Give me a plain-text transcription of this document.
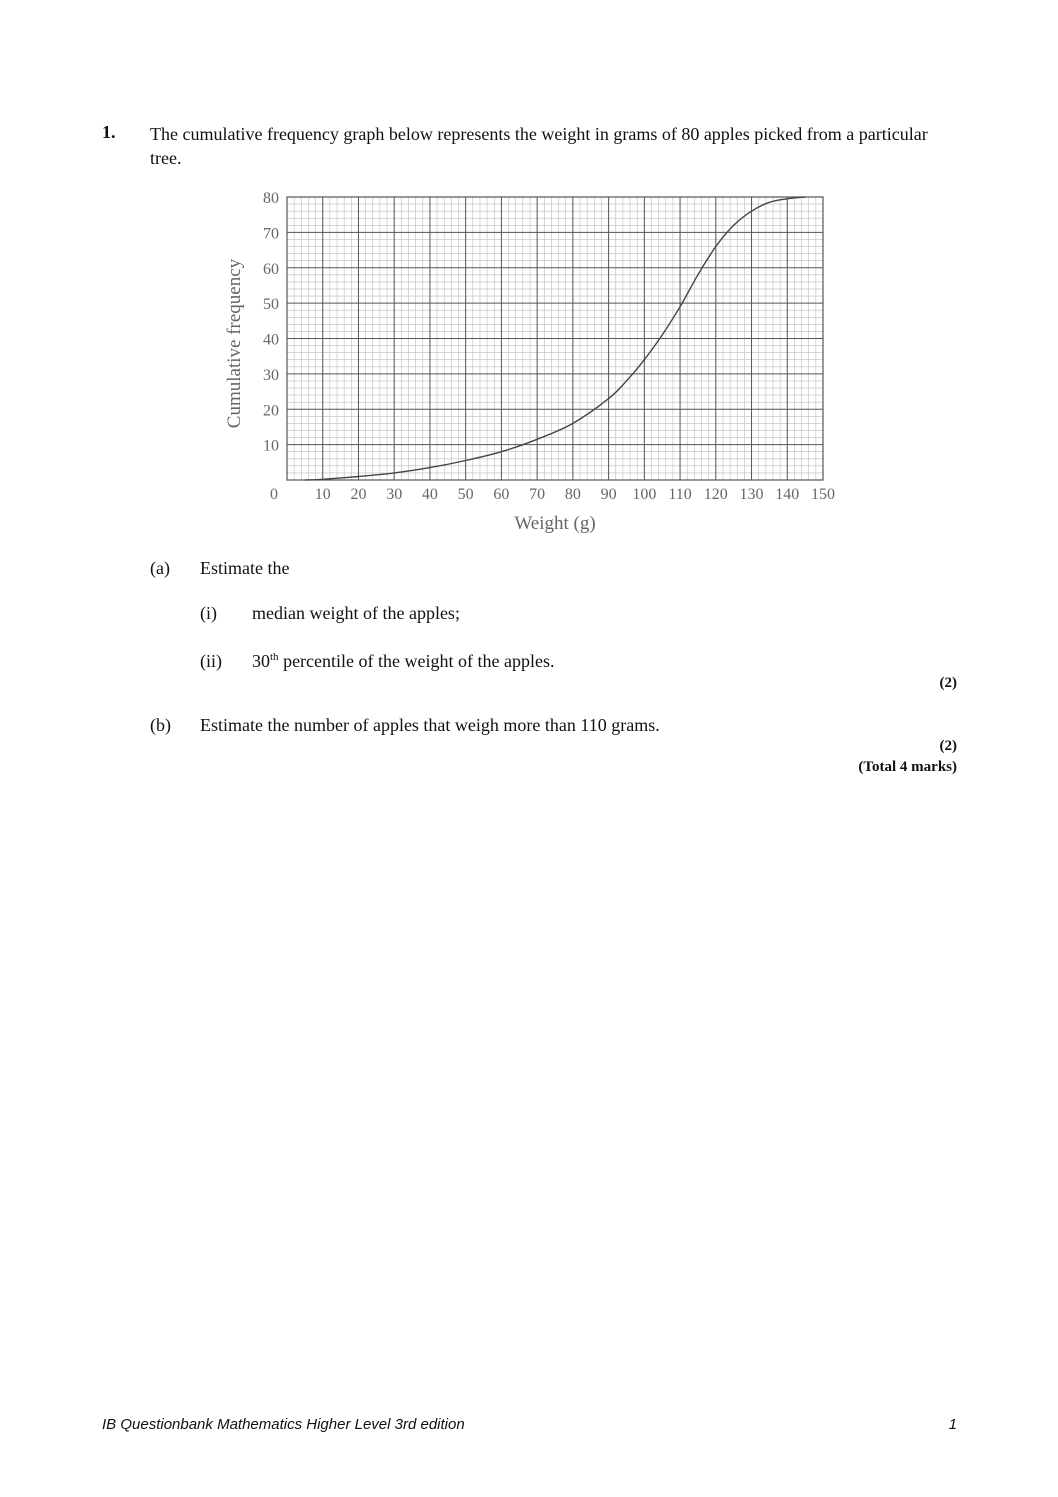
1. The cumulative frequency graph below represents the weight in grams of 80 apples picked from a particular tree.
10 20 30 40 50 60 70 80 90 100 110 120 130 140 150
10
20
30
40
50
60
70
80
0
Weight (g)
Cumulative frequency
(a) Estimate the
(i) median weight of the apples;
(ii) 30th percentile of the weight of the apples.
(2)
(b) Estimate the number of apples that weigh more than 110 grams.
(2)
(Total 4 marks)
IB Questionbank Mathematics Higher Level 3rd edition	1
